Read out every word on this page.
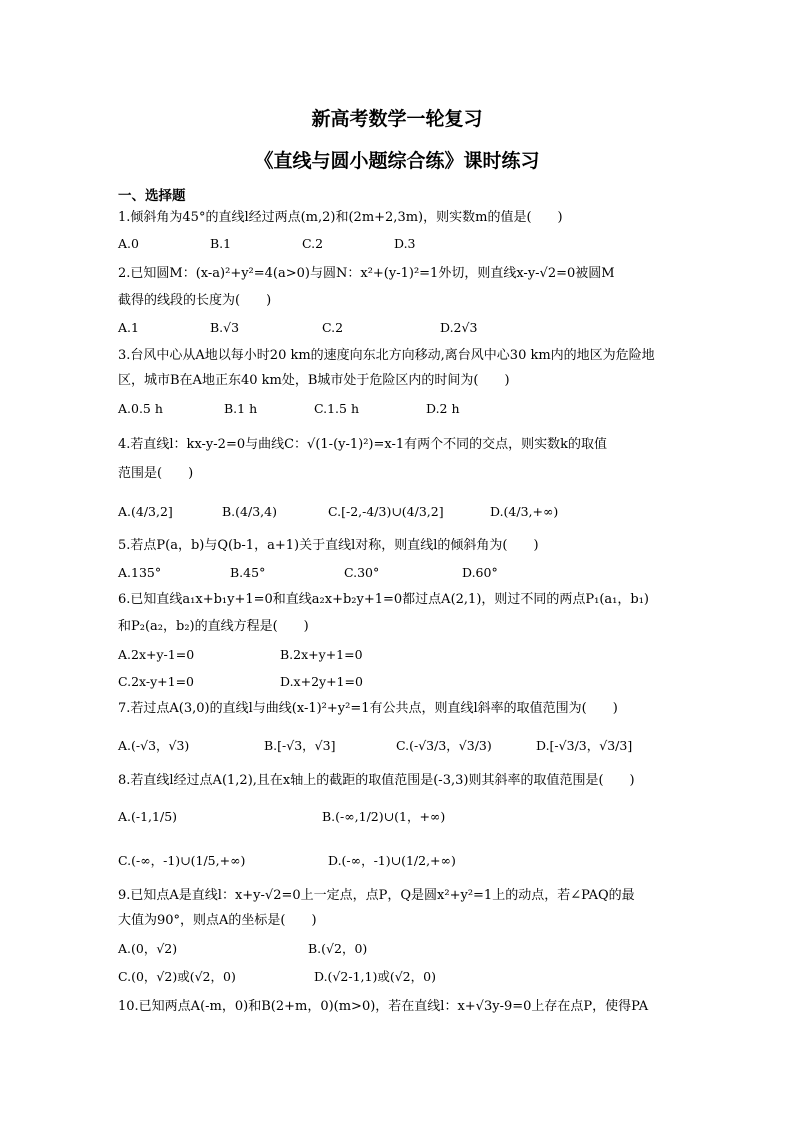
新高考数学一轮复习
《直线与圆小题综合练》课时练习
一、选择题
1.倾斜角为45°的直线l经过两点(m,2)和(2m+2,3m)，则实数m的值是(　　)
A.0	B.1	C.2	D.3
2.已知圆M：(x-a)²+y²=4(a>0)与圆N：x²+(y-1)²=1外切，则直线x-y-√2=0被圆M
截得的线段的长度为(　　)
A.1	B.√3	C.2	D.2√3
3.台风中心从A地以每小时20 km的速度向东北方向移动,离台风中心30 km内的地区为危险地
区，城市B在A地正东40 km处，B城市处于危险区内的时间为(　　)
A.0.5 h	B.1 h	C.1.5 h	D.2 h
4.若直线l：kx-y-2=0与曲线C：√(1-(y-1)²)=x-1有两个不同的交点，则实数k的取值
范围是(　　)
A.(4/3,2]	B.(4/3,4)	C.[-2,-4/3)∪(4/3,2]	D.(4/3,+∞)
5.若点P(a，b)与Q(b-1，a+1)关于直线l对称，则直线l的倾斜角为(　　)
A.135°	B.45°	C.30°	D.60°
6.已知直线a₁x+b₁y+1=0和直线a₂x+b₂y+1=0都过点A(2,1)，则过不同的两点P₁(a₁，b₁)
和P₂(a₂，b₂)的直线方程是(　　)
A.2x+y-1=0	B.2x+y+1=0
C.2x-y+1=0	D.x+2y+1=0
7.若过点A(3,0)的直线l与曲线(x-1)²+y²=1有公共点，则直线l斜率的取值范围为(　　)
A.(-√3，√3)	B.[-√3，√3]	C.(-√3/3，√3/3)	D.[-√3/3，√3/3]
8.若直线l经过点A(1,2),且在x轴上的截距的取值范围是(-3,3)则其斜率的取值范围是(　　)
A.(-1,1/5)	B.(-∞,1/2)∪(1，+∞)
C.(-∞，-1)∪(1/5,+∞)	D.(-∞，-1)∪(1/2,+∞)
9.已知点A是直线l：x+y-√2=0上一定点，点P，Q是圆x²+y²=1上的动点，若∠PAQ的最
大值为90°，则点A的坐标是(　　)
A.(0，√2)	B.(√2，0)
C.(0，√2)或(√2，0)	D.(√2-1,1)或(√2，0)
10.已知两点A(-m，0)和B(2+m，0)(m>0)，若在直线l：x+√3y-9=0上存在点P，使得PA
